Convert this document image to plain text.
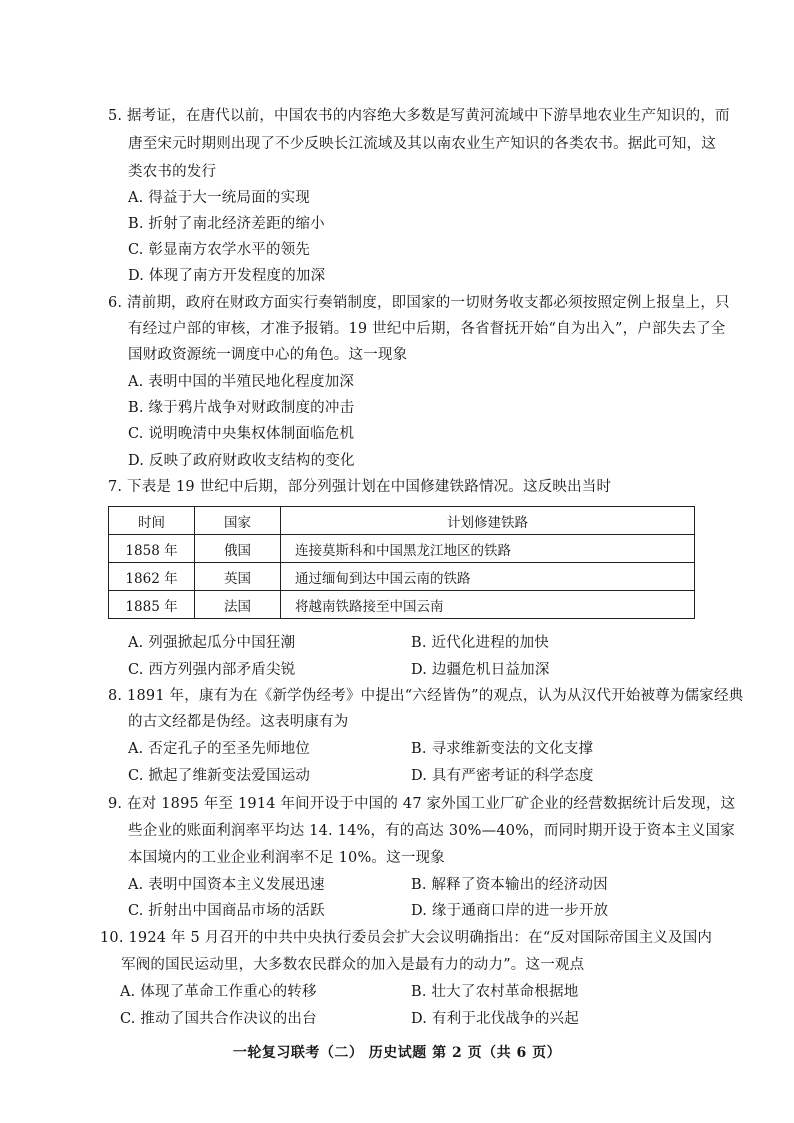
5. 据考证，在唐代以前，中国农书的内容绝大多数是写黄河流域中下游旱地农业生产知识的，而
唐至宋元时期则出现了不少反映长江流域及其以南农业生产知识的各类农书。据此可知，这
类农书的发行
A. 得益于大一统局面的实现
B. 折射了南北经济差距的缩小
C. 彰显南方农学水平的领先
D. 体现了南方开发程度的加深
6. 清前期，政府在财政方面实行奏销制度，即国家的一切财务收支都必须按照定例上报皇上，只
有经过户部的审核，才准予报销。19 世纪中后期，各省督抚开始“自为出入”，户部失去了全
国财政资源统一调度中心的角色。这一现象
A. 表明中国的半殖民地化程度加深
B. 缘于鸦片战争对财政制度的冲击
C. 说明晚清中央集权体制面临危机
D. 反映了政府财政收支结构的变化
7. 下表是 19 世纪中后期，部分列强计划在中国修建铁路情况。这反映出当时
时间	国家	计划修建铁路
1858 年	俄国	连接莫斯科和中国黑龙江地区的铁路
1862 年	英国	通过缅甸到达中国云南的铁路
1885 年	法国	将越南铁路接至中国云南
A. 列强掀起瓜分中国狂潮	B. 近代化进程的加快
C. 西方列强内部矛盾尖锐	D. 边疆危机日益加深
8. 1891 年，康有为在《新学伪经考》中提出“六经皆伪”的观点，认为从汉代开始被尊为儒家经典
的古文经都是伪经。这表明康有为
A. 否定孔子的至圣先师地位	B. 寻求维新变法的文化支撑
C. 掀起了维新变法爱国运动	D. 具有严密考证的科学态度
9. 在对 1895 年至 1914 年间开设于中国的 47 家外国工业厂矿企业的经营数据统计后发现，这
些企业的账面利润率平均达 14. 14%，有的高达 30%—40%，而同时期开设于资本主义国家
本国境内的工业企业利润率不足 10%。这一现象
A. 表明中国资本主义发展迅速	B. 解释了资本输出的经济动因
C. 折射出中国商品市场的活跃	D. 缘于通商口岸的进一步开放
10. 1924 年 5 月召开的中共中央执行委员会扩大会议明确指出：在“反对国际帝国主义及国内
军阀的国民运动里，大多数农民群众的加入是最有力的动力”。这一观点
A. 体现了革命工作重心的转移	B. 壮大了农村革命根据地
C. 推动了国共合作决议的出台	D. 有利于北伐战争的兴起
一轮复习联考（二） 历史试题 第 2 页（共 6 页）
